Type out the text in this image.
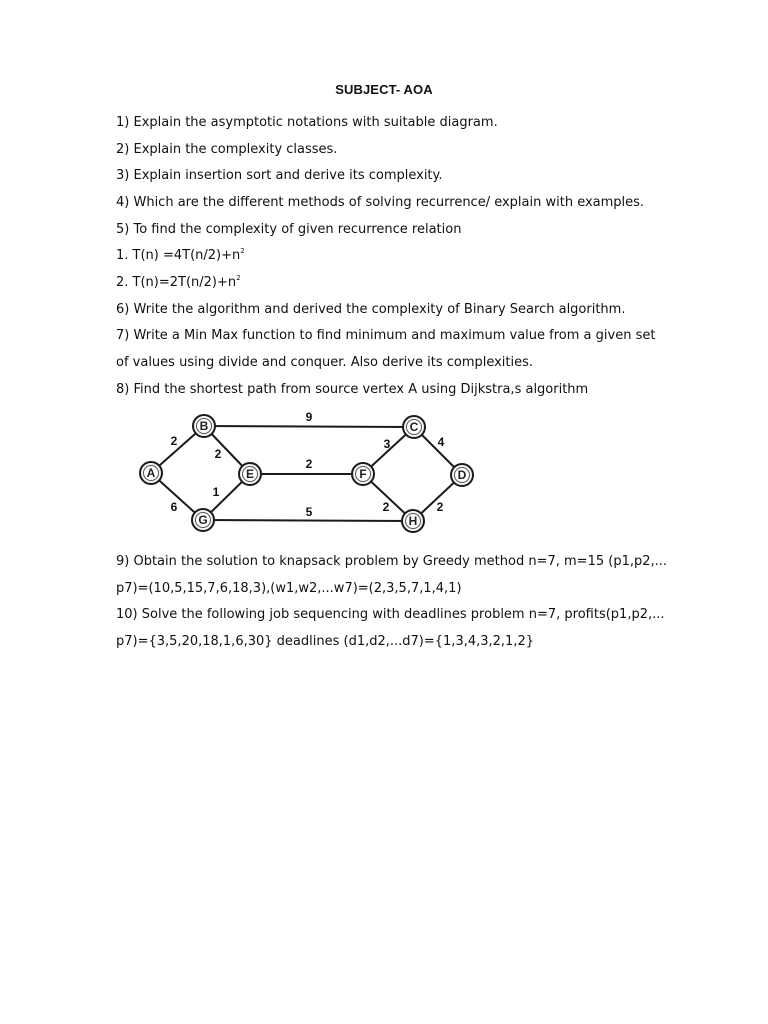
SUBJECT- AOA
1) Explain the asymptotic notations with suitable diagram.
2) Explain the complexity classes.
3) Explain insertion sort and derive its complexity.
4) Which are the different methods of solving recurrence/ explain with examples.
5) To find the complexity of given recurrence relation
1. $T(n) =4T(n/2)+n^2$
2. $T(n)=2T(n/2)+n^2$
6) Write the algorithm and derived the complexity of Binary Search algorithm.
7) Write a Min Max function to find minimum and maximum value from a given set
of values using divide and conquer. Also derive its complexities.
8) Find the shortest path from source vertex A using Dijkstra,s algorithm
A
B	C
D
E	F
G	H
2
6
2
9
1
2
5
3
2
4
2
9) Obtain the solution to knapsack problem by Greedy method n=7, m=15 (p1,p2,...
p7)=(10,5,15,7,6,18,3),(w1,w2,...w7)=(2,3,5,7,1,4,1)
10) Solve the following job sequencing with deadlines problem n=7, profits(p1,p2,...
p7)={3,5,20,18,1,6,30} deadlines (d1,d2,...d7)={1,3,4,3,2,1,2}
